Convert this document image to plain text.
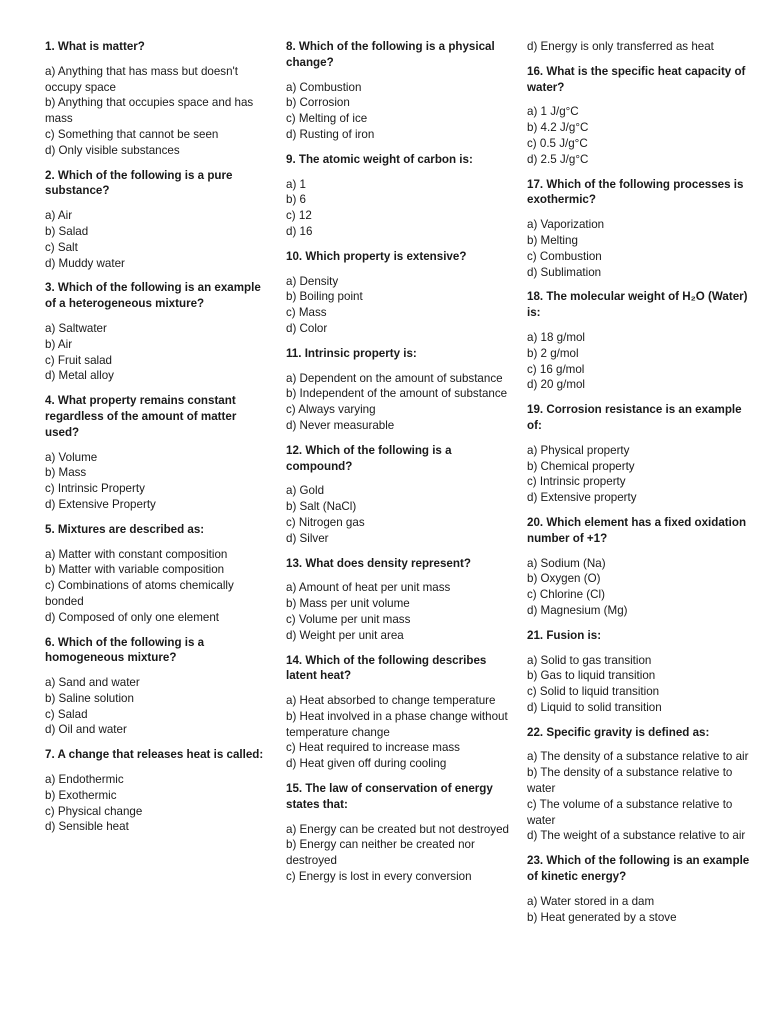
1. What is matter?
a) Anything that has mass but doesn't occupy space
b) Anything that occupies space and has mass
c) Something that cannot be seen
d) Only visible substances
2. Which of the following is a pure substance?
a) Air
b) Salad
c) Salt
d) Muddy water
3. Which of the following is an example of a heterogeneous mixture?
a) Saltwater
b) Air
c) Fruit salad
d) Metal alloy
4. What property remains constant regardless of the amount of matter used?
a) Volume
b) Mass
c) Intrinsic Property
d) Extensive Property
5. Mixtures are described as:
a) Matter with constant composition
b) Matter with variable composition
c) Combinations of atoms chemically bonded
d) Composed of only one element
6. Which of the following is a homogeneous mixture?
a) Sand and water
b) Saline solution
c) Salad
d) Oil and water
7. A change that releases heat is called:
a) Endothermic
b) Exothermic
c) Physical change
d) Sensible heat
8. Which of the following is a physical change?
a) Combustion
b) Corrosion
c) Melting of ice
d) Rusting of iron
9. The atomic weight of carbon is:
a) 1
b) 6
c) 12
d) 16
10. Which property is extensive?
a) Density
b) Boiling point
c) Mass
d) Color
11. Intrinsic property is:
a) Dependent on the amount of substance
b) Independent of the amount of substance
c) Always varying
d) Never measurable
12. Which of the following is a compound?
a) Gold
b) Salt (NaCl)
c) Nitrogen gas
d) Silver
13. What does density represent?
a) Amount of heat per unit mass
b) Mass per unit volume
c) Volume per unit mass
d) Weight per unit area
14. Which of the following describes latent heat?
a) Heat absorbed to change temperature
b) Heat involved in a phase change without temperature change
c) Heat required to increase mass
d) Heat given off during cooling
15. The law of conservation of energy states that:
a) Energy can be created but not destroyed
b) Energy can neither be created nor destroyed
c) Energy is lost in every conversion
d) Energy is only transferred as heat
16. What is the specific heat capacity of water?
a) 1 J/g°C
b) 4.2 J/g°C
c) 0.5 J/g°C
d) 2.5 J/g°C
17. Which of the following processes is exothermic?
a) Vaporization
b) Melting
c) Combustion
d) Sublimation
18. The molecular weight of H₂O (Water) is:
a) 18 g/mol
b) 2 g/mol
c) 16 g/mol
d) 20 g/mol
19. Corrosion resistance is an example of:
a) Physical property
b) Chemical property
c) Intrinsic property
d) Extensive property
20. Which element has a fixed oxidation number of +1?
a) Sodium (Na)
b) Oxygen (O)
c) Chlorine (Cl)
d) Magnesium (Mg)
21. Fusion is:
a) Solid to gas transition
b) Gas to liquid transition
c) Solid to liquid transition
d) Liquid to solid transition
22. Specific gravity is defined as:
a) The density of a substance relative to air
b) The density of a substance relative to water
c) The volume of a substance relative to water
d) The weight of a substance relative to air
23. Which of the following is an example of kinetic energy?
a) Water stored in a dam
b) Heat generated by a stove
